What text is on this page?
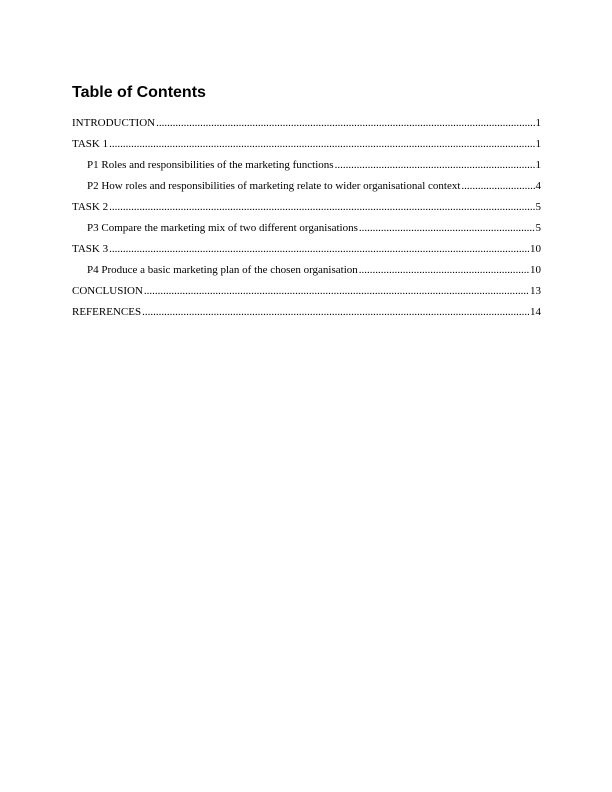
Table of Contents
INTRODUCTION .....	1
TASK 1 .....	1
P1 Roles and responsibilities of the marketing functions .....	1
P2 How roles and responsibilities of marketing relate to wider organisational context .....	4
TASK 2 .....	5
P3 Compare the marketing mix of two different organisations .....	5
TASK 3 .....	10
P4 Produce a basic marketing plan of the chosen organisation .....	10
CONCLUSION .....	13
REFERENCES .....	14
